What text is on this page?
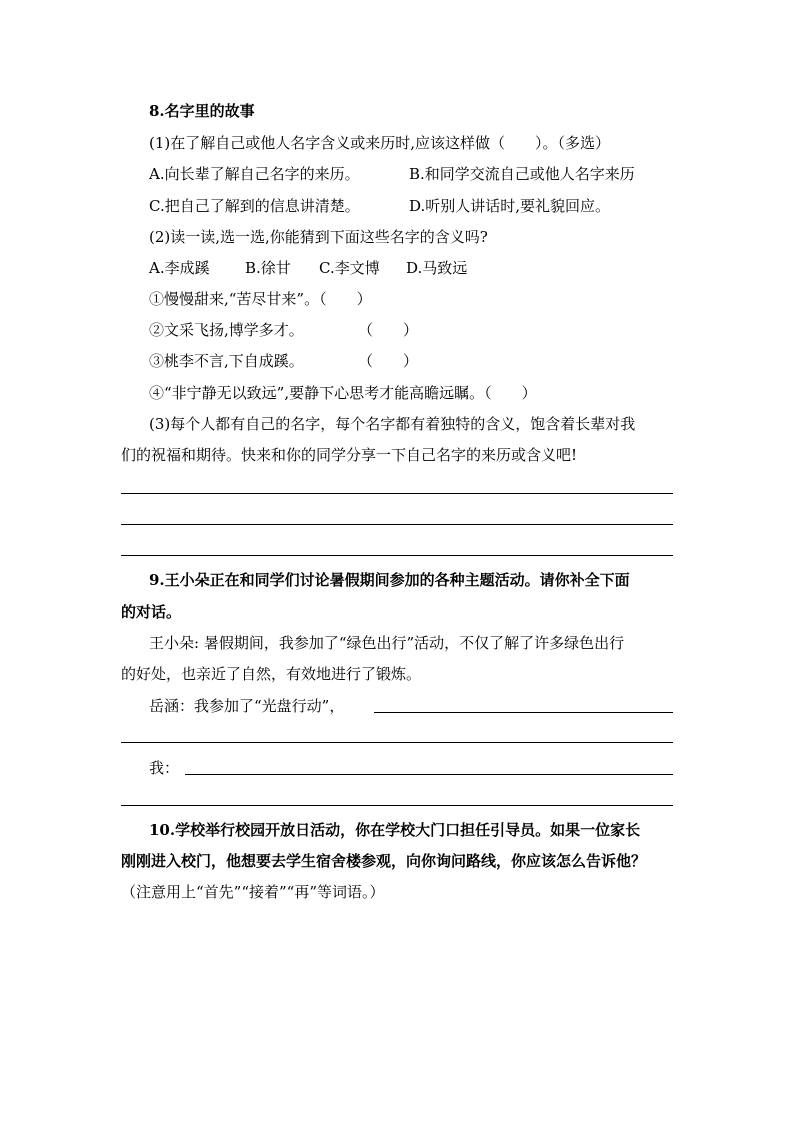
8.名字里的故事
(1)在了解自己或他人名字含义或来历时,应该这样做（　　）。（多选）
A.向长辈了解自己名字的来历。	B.和同学交流自己或他人名字来历
C.把自己了解到的信息讲清楚。	D.听别人讲话时,要礼貌回应。
(2)读一读,选一选,你能猜到下面这些名字的含义吗?
A.李成蹊 B.徐甘 C.李文博 D.马致远
①慢慢甜来,“苦尽甘来”。（　　）
②文采飞扬,博学多才。	（　　）
③桃李不言,下自成蹊。	（　　）
④“非宁静无以致远”,要静下心思考才能高瞻远瞩。（　　）
(3)每个人都有自己的名字，每个名字都有着独特的含义，饱含着长辈对我
们的祝福和期待。快来和你的同学分享一下自己名字的来历或含义吧!
9.王小朵正在和同学们讨论暑假期间参加的各种主题活动。请你补全下面
的对话。
王小朵: 暑假期间，我参加了“绿色出行”活动，不仅了解了许多绿色出行
的好处，也亲近了自然，有效地进行了锻炼。
岳涵：我参加了“光盘行动”，
我：
10.学校举行校园开放日活动，你在学校大门口担任引导员。如果一位家长
刚刚进入校门，他想要去学生宿舍楼参观，向你询问路线，你应该怎么告诉他？
（注意用上“首先”“接着”“再”等词语。）
